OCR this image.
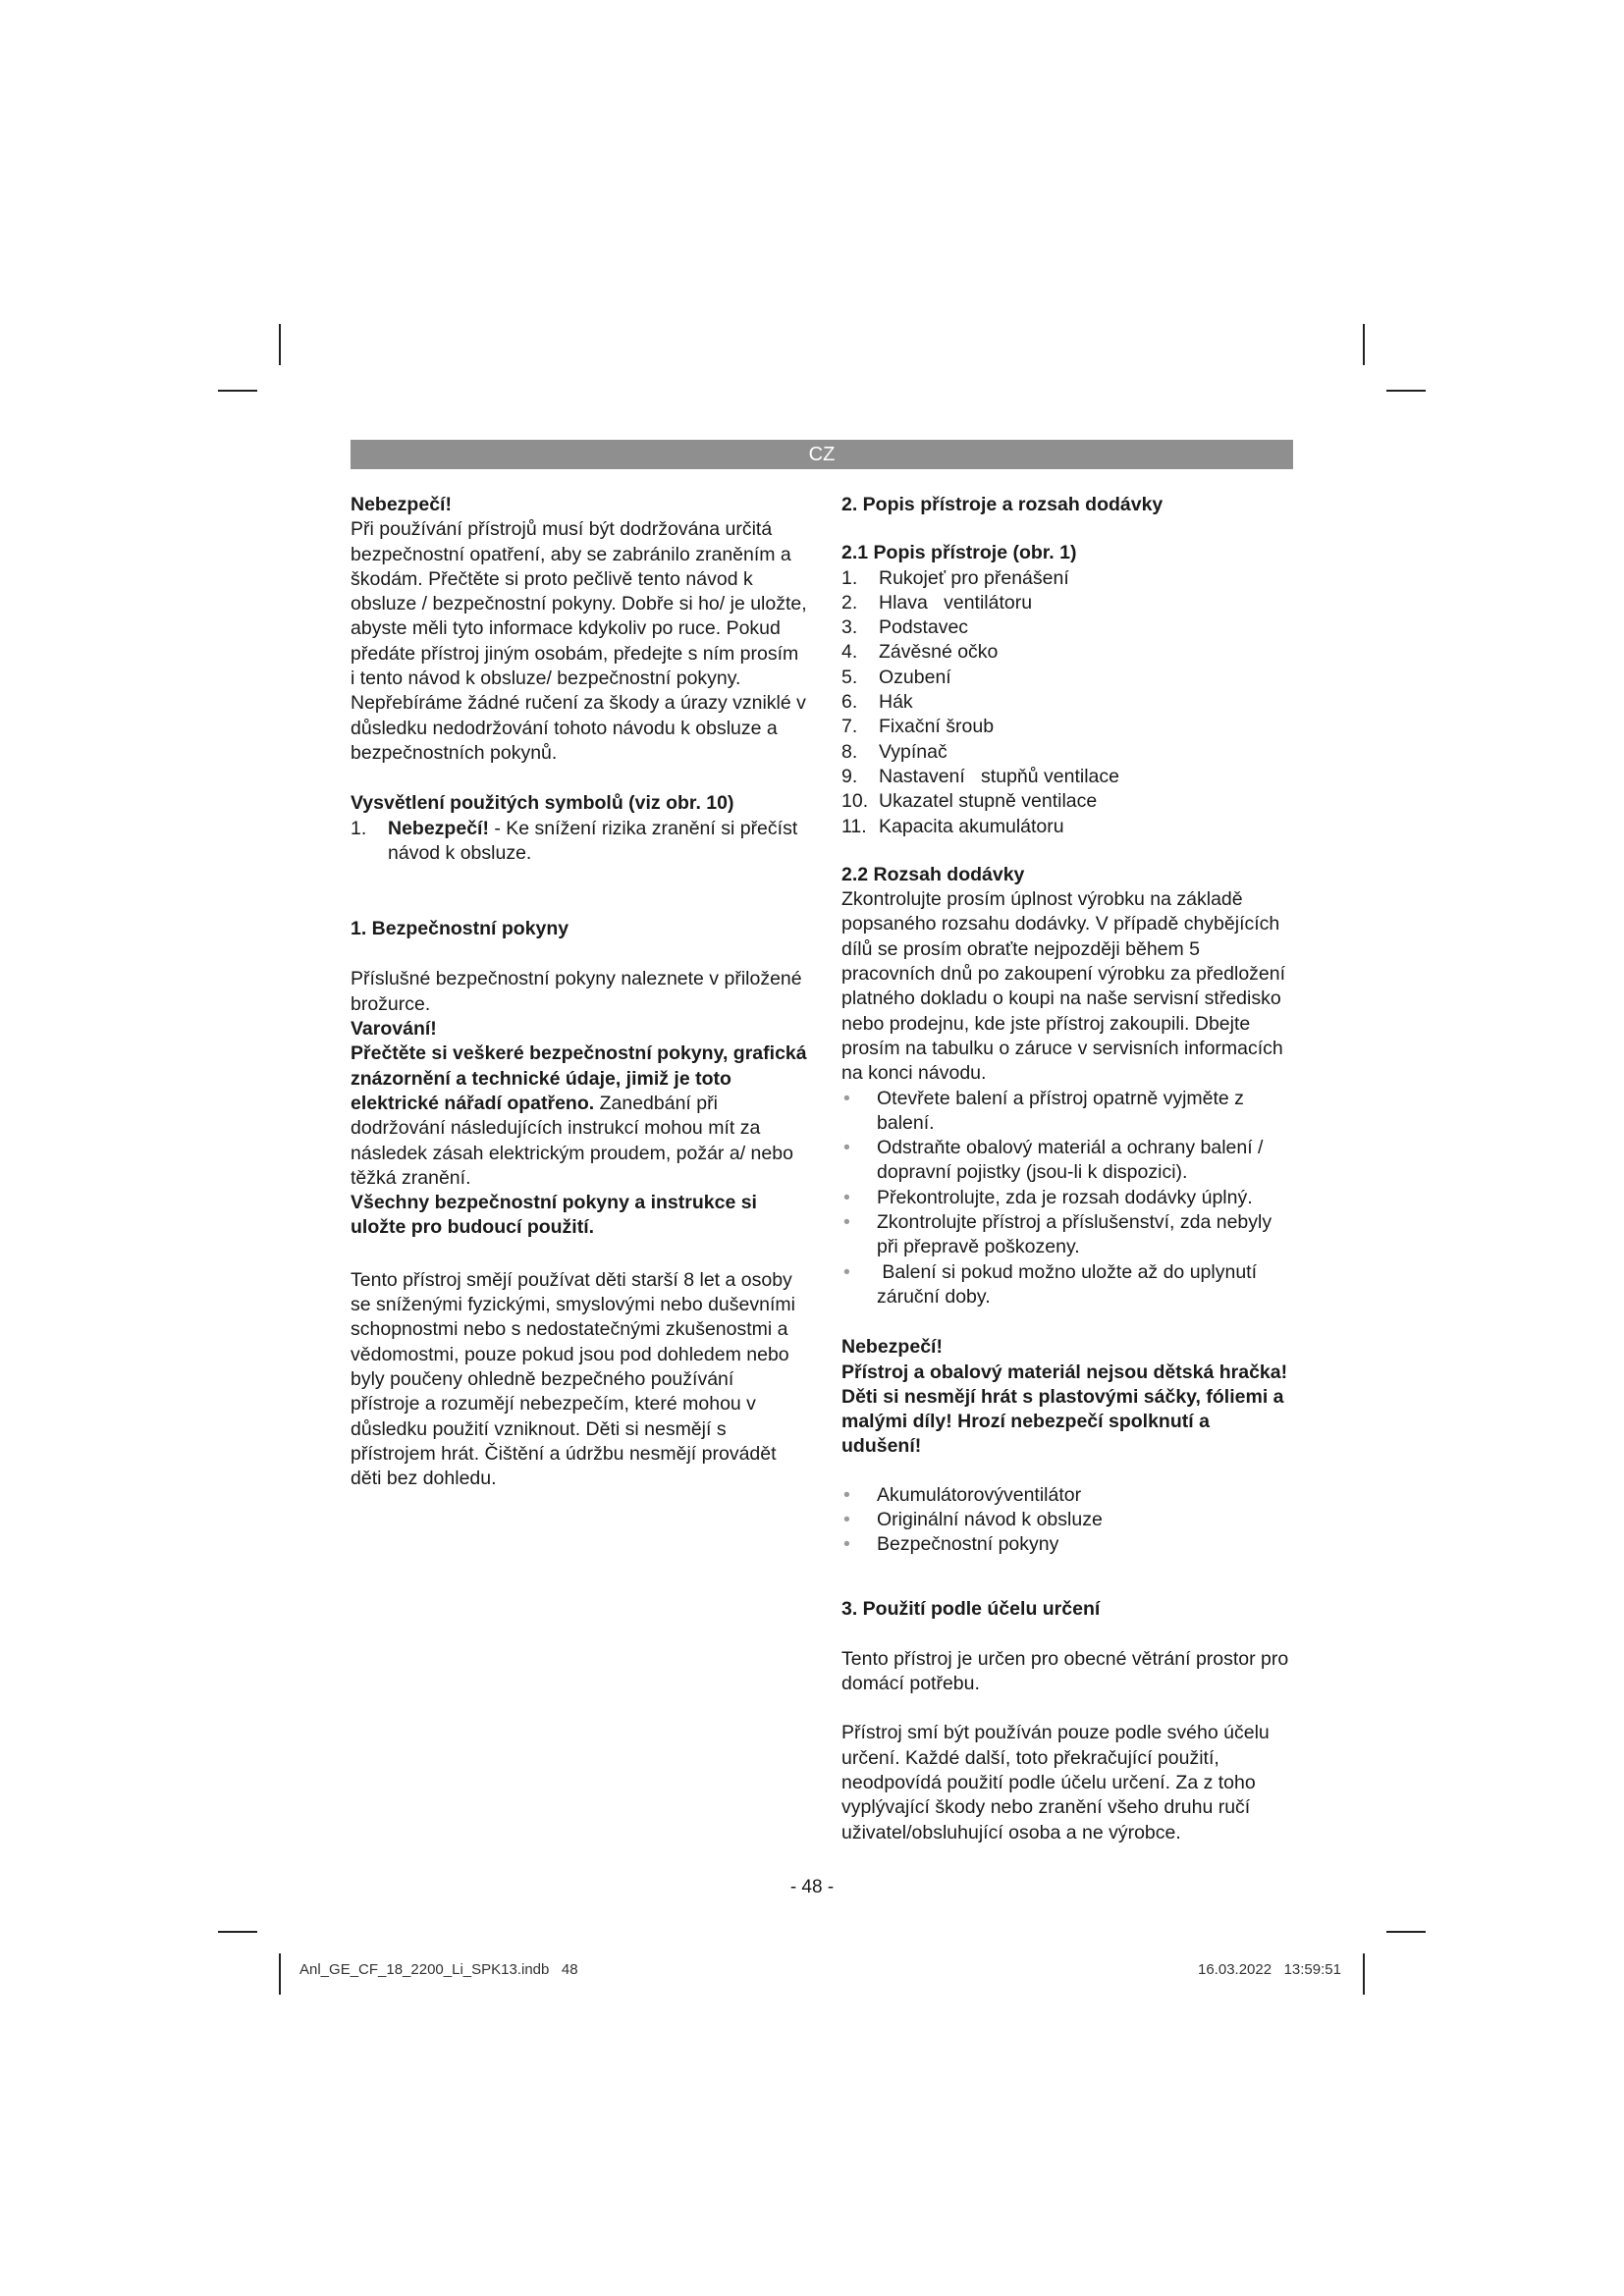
CZ

Nebezpečí!

Při používání přístrojů musí být dodržována určitá bezpečnostní opatření, aby se zabránilo zraněním a škodám. Přečtěte si proto pečlivě tento návod k obsluze / bezpečnostní pokyny. Dobře si ho/ je uložte, abyste měli tyto informace kdykoliv po ruce. Pokud předáte přístroj jiným osobám, předejte s ním prosím i tento návod k obsluze/ bezpečnostní pokyny. Nepřebíráme žádné ručení za škody a úrazy vzniklé v důsledku nedodržování tohoto návodu k obsluze a bezpečnostních pokynů.

Vysvětlení použitých symbolů (viz obr. 10)

1.	Nebezpečí! - Ke snížení rizika zranění si přečíst návod k obsluze.

1. Bezpečnostní pokyny

Příslušné bezpečnostní pokyny naleznete v přiložené brožurce.

Varování!

Přečtěte si veškeré bezpečnostní pokyny, grafická znázornění a technické údaje, jimiž je toto elektrické nářadí opatřeno. Zanedbání při dodržování následujících instrukcí mohou mít za následek zásah elektrickým proudem, požár a/ nebo těžká zranění.

Všechny bezpečnostní pokyny a instrukce si uložte pro budoucí použití.

Tento přístroj smějí používat děti starší 8 let a osoby se sníženými fyzickými, smyslovými nebo duševními schopnostmi nebo s nedostatečnými zkušenostmi a vědomostmi, pouze pokud jsou pod dohledem nebo byly poučeny ohledně bezpečného používání přístroje a rozumějí nebezpečím, které mohou v důsledku použití vzniknout. Děti si nesmějí s přístrojem hrát. Čištění a údržbu nesmějí provádět děti bez dohledu.

2. Popis přístroje a rozsah dodávky

2.1 Popis přístroje (obr. 1)

1.	Rukojeť pro přenášení
2.	Hlava   ventilátoru
3.	Podstavec
4.	Závěsné očko
5.	Ozubení
6.	Hák
7.	Fixační šroub
8.	Vypínač
9.	Nastavení   stupňů ventilace
10. Ukazatel stupně ventilace
11. Kapacita akumulátoru

2.2 Rozsah dodávky

Zkontrolujte prosím úplnost výrobku na základě popsaného rozsahu dodávky. V případě chybějících dílů se prosím obraťte nejpozději během 5 pracovních dnů po zakoupení výrobku za předložení platného dokladu o koupi na naše servisní středisko nebo prodejnu, kde jste přístroj zakoupili. Dbejte prosím na tabulku o záruce v servisních informacích na konci návodu.

•	Otevřete balení a přístroj opatrně vyjměte z balení.
•	Odstraňte obalový materiál a ochrany balení / dopravní pojistky (jsou-li k dispozici).
•	Překontrolujte, zda je rozsah dodávky úplný.
•	Zkontrolujte přístroj a příslušenství, zda nebyly při přepravě poškozeny.
•	Balení si pokud možno uložte až do uplynutí záruční doby.

Nebezpečí!

Přístroj a obalový materiál nejsou dětská hračka! Děti si nesmějí hrát s plastovými sáčky, fóliemi a malými díly! Hrozí nebezpečí spolknutí a udušení!

•	Akumulátorovýventilátor
•	Originální návod k obsluze
•	Bezpečnostní pokyny

3. Použití podle účelu určení

Tento přístroj je určen pro obecné větrání prostor pro domácí potřebu.

Přístroj smí být používán pouze podle svého účelu určení. Každé další, toto překračující použití, neodpovídá použití podle účelu určení. Za z toho vyplývající škody nebo zranění všeho druhu ručí uživatel/obsluhující osoba a ne výrobce.

- 48 -
Anl_GE_CF_18_2200_Li_SPK13.indb   48	16.03.2022   13:59:51
